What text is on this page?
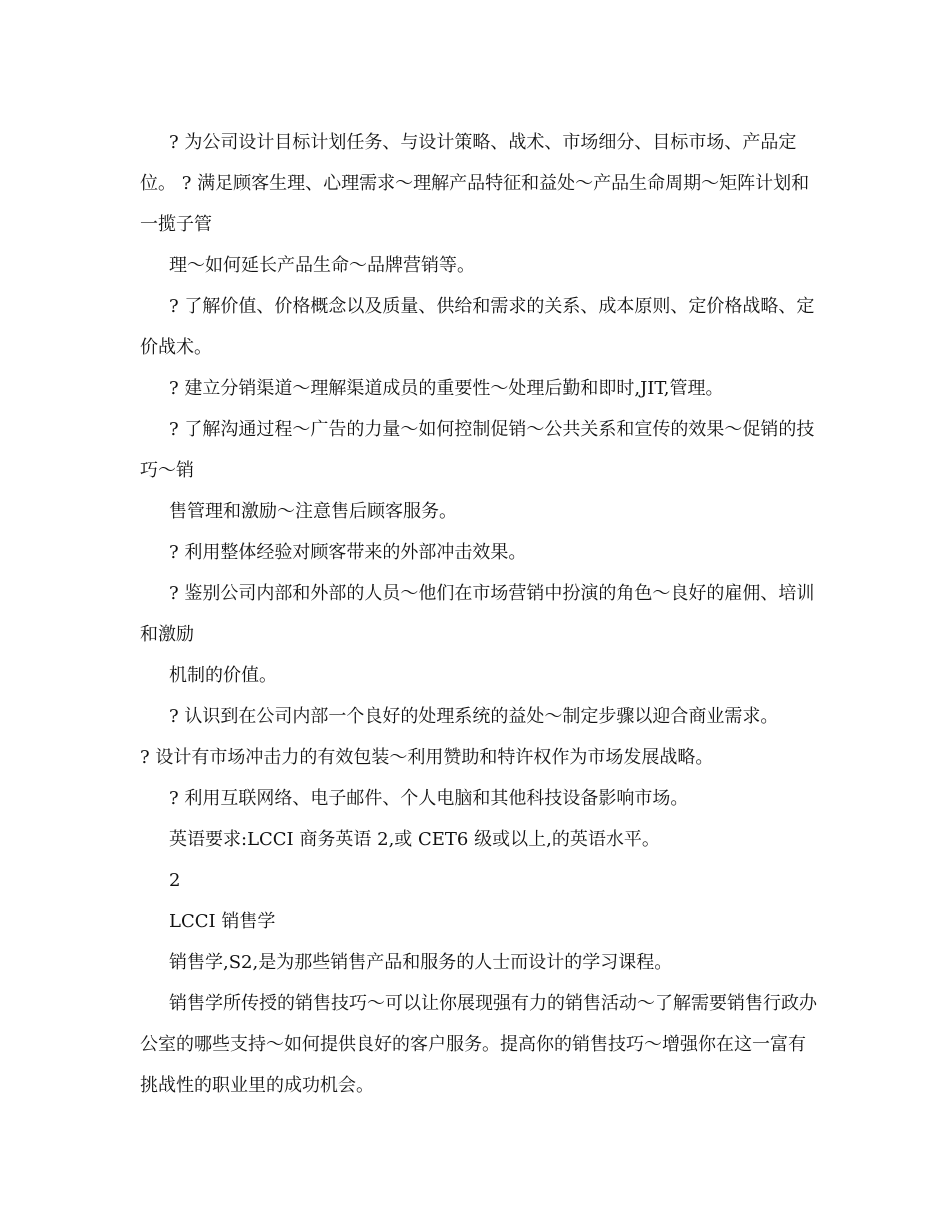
? 为公司设计目标计划任务、与设计策略、战术、市场细分、目标市场、产品定位。 ? 满足顾客生理、心理需求～理解产品特征和益处～产品生命周期～矩阵计划和一揽子管

理～如何延长产品生命～品牌营销等。

? 了解价值、价格概念以及质量、供给和需求的关系、成本原则、定价格战略、定价战术。

? 建立分销渠道～理解渠道成员的重要性～处理后勤和即时,JIT,管理。

? 了解沟通过程～广告的力量～如何控制促销～公共关系和宣传的效果～促销的技巧～销

售管理和激励～注意售后顾客服务。

? 利用整体经验对顾客带来的外部冲击效果。

? 鉴别公司内部和外部的人员～他们在市场营销中扮演的角色～良好的雇佣、培训和激励

机制的价值。

? 认识到在公司内部一个良好的处理系统的益处～制定步骤以迎合商业需求。

? 设计有市场冲击力的有效包装～利用赞助和特许权作为市场发展战略。

? 利用互联网络、电子邮件、个人电脑和其他科技设备影响市场。

英语要求:LCCI 商务英语 2,或 CET6 级或以上,的英语水平。

2

LCCI 销售学

销售学,S2,是为那些销售产品和服务的人士而设计的学习课程。

销售学所传授的销售技巧～可以让你展现强有力的销售活动～了解需要销售行政办公室的哪些支持～如何提供良好的客户服务。提高你的销售技巧～增强你在这一富有挑战性的职业里的成功机会。
